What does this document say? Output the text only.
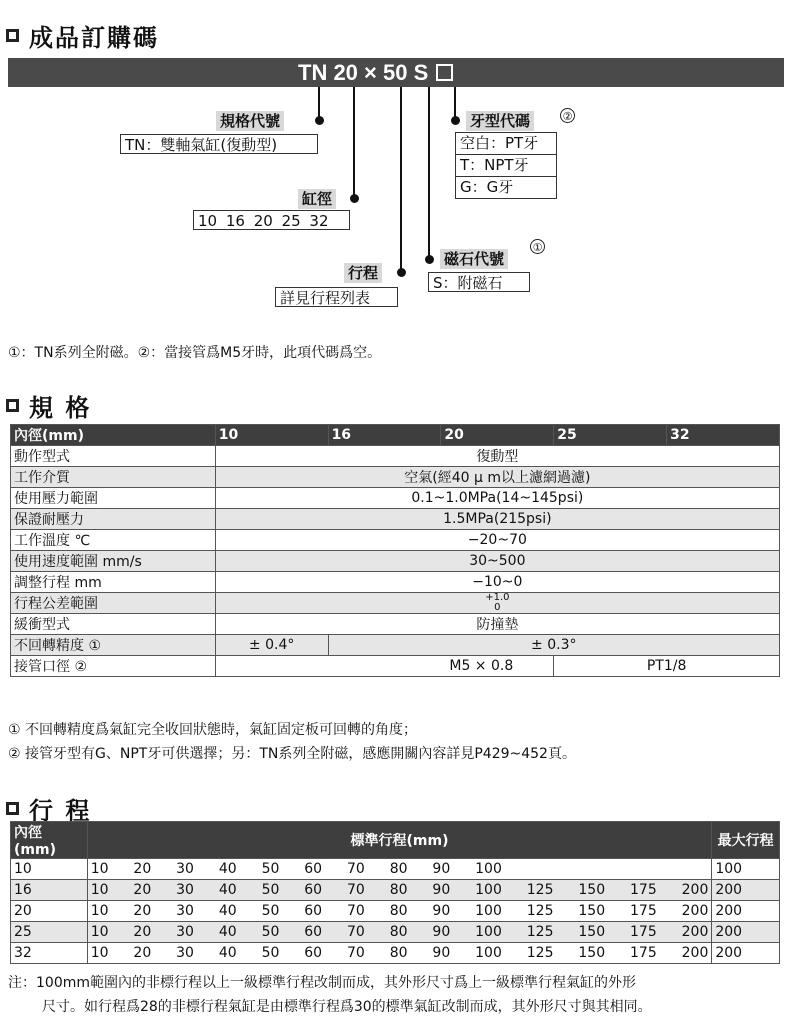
成品訂購碼
TN 20 × 50 S
規格代號
TN：雙軸氣缸(復動型)
缸徑
10 16 20 25 32
行程
詳見行程列表
牙型代碼	②
空白：PT牙
T：NPT牙
G：G牙
磁石代號
①
S：附磁石
①：TN系列全附磁。②：當接管爲M5牙時，此項代碼爲空。
規 格
內徑(mm)	10	16	20	25	32
動作型式	復動型				
工作介質	空氣(經40 μ m以上濾網過濾)				
使用壓力範圍	0.1~1.0MPa(14~145psi)				
保證耐壓力	1.5MPa(215psi)				
工作溫度 ℃	−20~70				
使用速度範圍 mm/s	30~500				
調整行程 mm	−10~0				
行程公差範圍	+1.0
0				

緩衝型式	防撞墊				
不回轉精度 ①	± 0.4°	± 0.3°			
接管口徑 ②	M5 × 0.8			PT1/8	
① 不回轉精度爲氣缸完全收回狀態時，氣缸固定板可回轉的角度；
② 接管牙型有G、NPT牙可供選擇；另：TN系列全附磁，感應開關內容詳見P429~452頁。
行 程
內徑(mm)	標準行程(mm)	最大行程
10	10  20  30  40  50  60  70  80  90  100	100
16	10  20  30  40  50  60  70  80  90  100  125  150  175  200	200
20	10  20  30  40  50  60  70  80  90  100  125  150  175  200	200
25	10  20  30  40  50  60  70  80  90  100  125  150  175  200	200
32	10  20  30  40  50  60  70  80  90  100  125  150  175  200	200
注：100mm範圍內的非標行程以上一級標準行程改制而成，其外形尺寸爲上一級標準行程氣缸的外形
尺寸。如行程爲28的非標行程氣缸是由標準行程爲30的標準氣缸改制而成，其外形尺寸與其相同。
